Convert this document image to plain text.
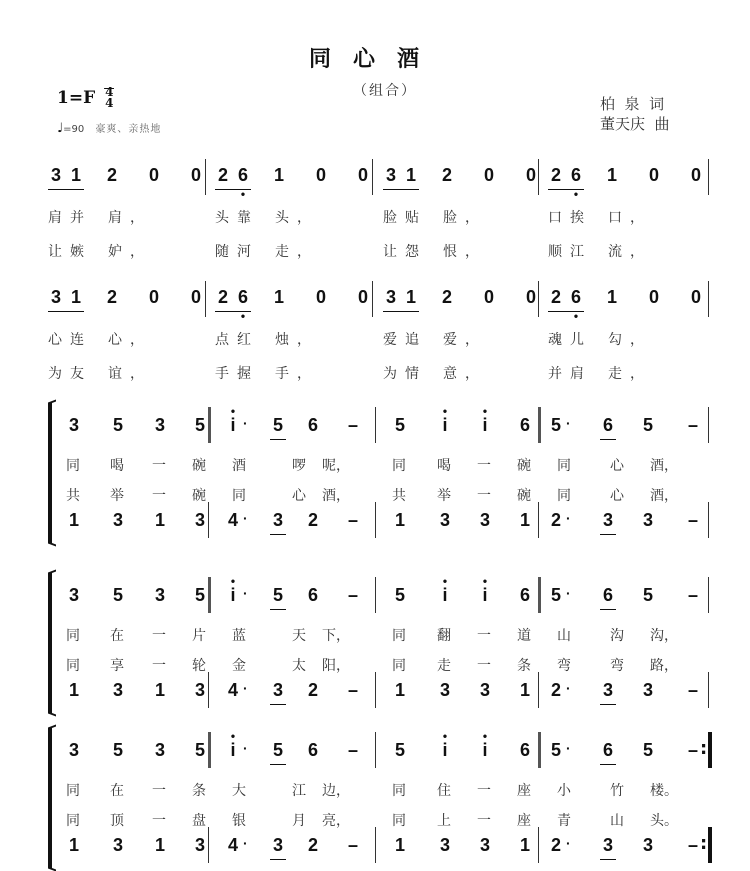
同心酒
（组合）
1=F 4
4
♩=90 豪爽、亲热地
柏  泉  词
董天庆  曲
3 1 2 0 0 2 6
•
1 0 0 3 1 2 0 0 2 6
•
1 0 0
肩并 肩，	头靠 头，	脸贴 脸，	口挨 口，
让嫉 妒，	随河 走，	让怨 恨，	顺江 流，
3 1 2 0 0 2 6
•
1 0 0 3 1 2 0 0 2 6
•
1 0 0
心连 心，	点红 烛，	爱追 爱，	魂儿 勾，
为友 谊，	手握 手，	为情 意，	并肩 走，
3 5 3 5	i
•
· 5 6 – 5	i
•
i
•
6 5 · 6 5 –
1 3 1 3 4 · 3 2 – 1 3 3 1 2 · 3 3 –
同 喝 一 碗 酒	啰 呢，	同 喝 一 碗 同	心 酒，
共 举 一 碗 同	心 酒，	共 举 一 碗 同	心 酒，
3 5 3 5	i
•
· 5 6 – 5	i
•
i
•
6 5 · 6 5 –
1 3 1 3 4 · 3 2 – 1 3 3 1 2 · 3 3 –
同 在 一 片 蓝	天 下，	同 翻 一 道 山	沟 沟，
同 享 一 轮 金	太 阳，	同 走 一 条 弯	弯 路，
3 5 3 5	i
•
· 5 6 – 5	i
•
i
•
6 5 · 6 5 –
1 3 1 3 4 · 3 2 – 1 3 3 1 2 · 3 3 –
:
:
同 在 一 条 大	江 边，	同 住 一 座 小	竹 楼。
同 顶 一 盘 银	月 亮，	同 上 一 座 青	山 头。
